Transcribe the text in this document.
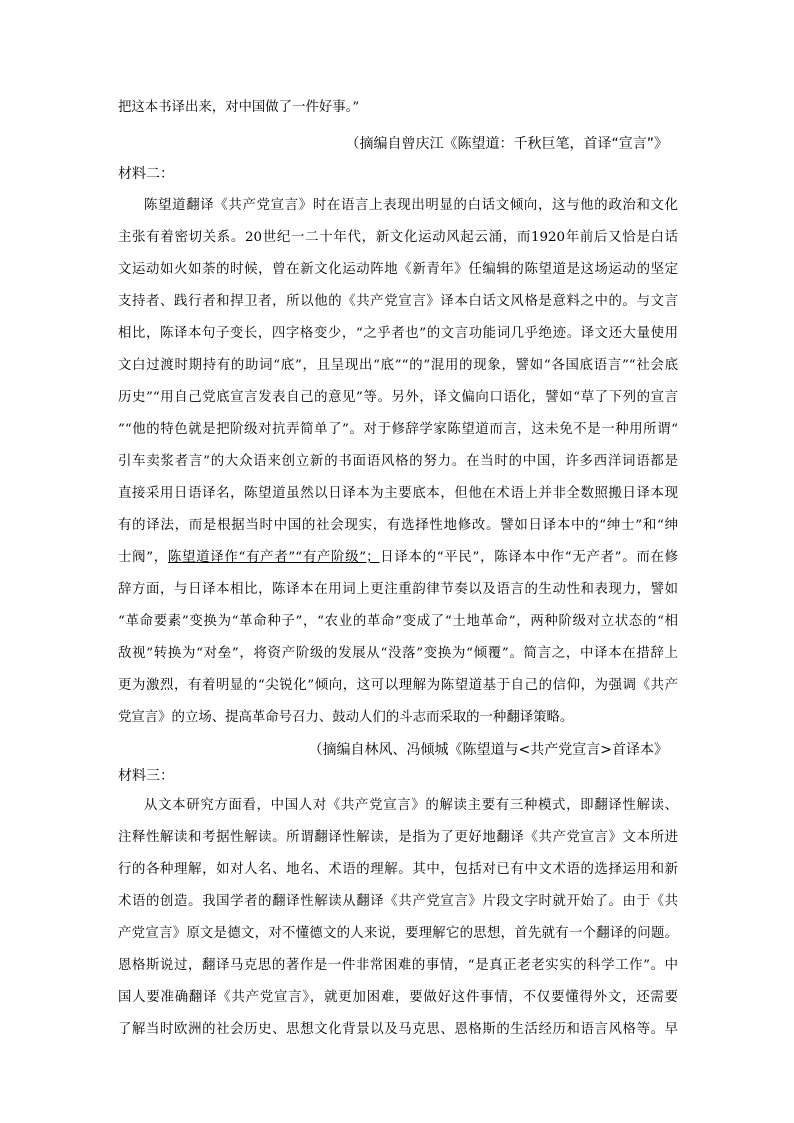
把这本书译出来，对中国做了一件好事。”
（摘编自曾庆江《陈望道：千秋巨笔，首译“宣言”》
材料二：
陈望道翻译《共产党宣言》时在语言上表现出明显的白话文倾向，这与他的政治和文化
主张有着密切关系。20世纪一二十年代，新文化运动风起云涌，而1920年前后又恰是白话
文运动如火如荼的时候，曾在新文化运动阵地《新青年》任编辑的陈望道是这场运动的坚定
支持者、践行者和捍卫者，所以他的《共产党宣言》译本白话文风格是意料之中的。与文言
相比，陈译本句子变长，四字格变少，“之乎者也”的文言功能词几乎绝迹。译文还大量使用
文白过渡时期持有的助词“底”，且呈现出“底”“的”混用的现象，譬如“各国底语言”“社会底
历史”“用自己党底宣言发表自己的意见”等。另外，译文偏向口语化，譬如“草了下列的宣言
”“他的特色就是把阶级对抗弄简单了”。对于修辞学家陈望道而言，这未免不是一种用所谓“
引车卖浆者言”的大众语来创立新的书面语风格的努力。在当时的中国，许多西洋词语都是
直接采用日语译名，陈望道虽然以日译本为主要底本，但他在术语上并非全数照搬日译本现
有的译法，而是根据当时中国的社会现实，有选择性地修改。譬如日译本中的“绅士”和“绅
士阀”，陈望道译作“有产者”“有产阶级”；日译本的“平民”，陈译本中作“无产者”。而在修
辞方面，与日译本相比，陈译本在用词上更注重韵律节奏以及语言的生动性和表现力，譬如
“革命要素”变换为“革命种子”，“农业的革命”变成了“土地革命”，两种阶级对立状态的“相
敌视”转换为“对垒”，将资产阶级的发展从“没落”变换为“倾覆”。简言之，中译本在措辞上
更为激烈，有着明显的“尖锐化”倾向，这可以理解为陈望道基于自己的信仰，为强调《共产
党宣言》的立场、提高革命号召力、鼓动人们的斗志而采取的一种翻译策略。
（摘编自林风、冯倾城《陈望道与<共产党宣言>首译本》
材料三：
从文本研究方面看，中国人对《共产党宣言》的解读主要有三种模式，即翻译性解读、
注释性解读和考据性解读。所谓翻译性解读，是指为了更好地翻译《共产党宣言》文本所进
行的各种理解，如对人名、地名、术语的理解。其中，包括对已有中文术语的选择运用和新
术语的创造。我国学者的翻译性解读从翻译《共产党宣言》片段文字时就开始了。由于《共
产党宣言》原文是德文，对不懂德文的人来说，要理解它的思想，首先就有一个翻译的问题。
恩格斯说过，翻译马克思的著作是一件非常困难的事情，“是真正老老实实的科学工作”。中
国人要准确翻译《共产党宣言》，就更加困难，要做好这件事情，不仅要懂得外文，还需要
了解当时欧洲的社会历史、思想文化背景以及马克思、恩格斯的生活经历和语言风格等。早
